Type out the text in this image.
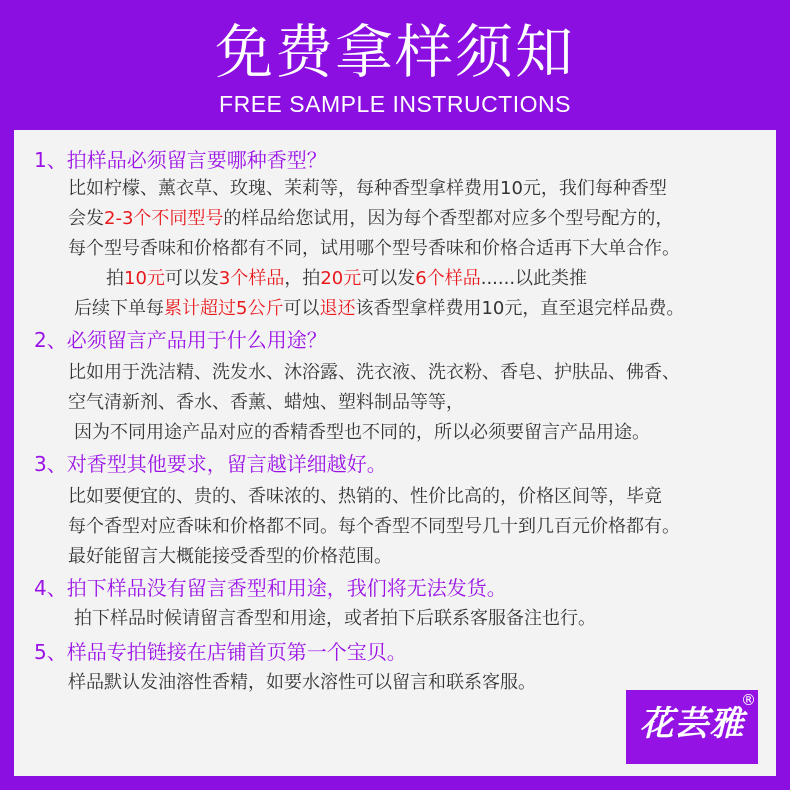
免费拿样须知
FREE SAMPLE INSTRUCTIONS
1、拍样品必须留言要哪种香型？
比如柠檬、薰衣草、玫瑰、茉莉等，每种香型拿样费用10元，我们每种香型
会发2-3个不同型号的样品给您试用，因为每个香型都对应多个型号配方的，
每个型号香味和价格都有不同，试用哪个型号香味和价格合适再下大单合作。
拍10元可以发3个样品，拍20元可以发6个样品......以此类推
后续下单每累计超过5公斤可以退还该香型拿样费用10元，直至退完样品费。
2、必须留言产品用于什么用途？
比如用于洗洁精、洗发水、沐浴露、洗衣液、洗衣粉、香皂、护肤品、佛香、
空气清新剂、香水、香薰、蜡烛、塑料制品等等，
因为不同用途产品对应的香精香型也不同的，所以必须要留言产品用途。
3、对香型其他要求，留言越详细越好。
比如要便宜的、贵的、香味浓的、热销的、性价比高的，价格区间等，毕竟
每个香型对应香味和价格都不同。每个香型不同型号几十到几百元价格都有。
最好能留言大概能接受香型的价格范围。
4、拍下样品没有留言香型和用途，我们将无法发货。
拍下样品时候请留言香型和用途，或者拍下后联系客服备注也行。
5、样品专拍链接在店铺首页第一个宝贝。
样品默认发油溶性香精，如要水溶性可以留言和联系客服。
花芸雅
®
